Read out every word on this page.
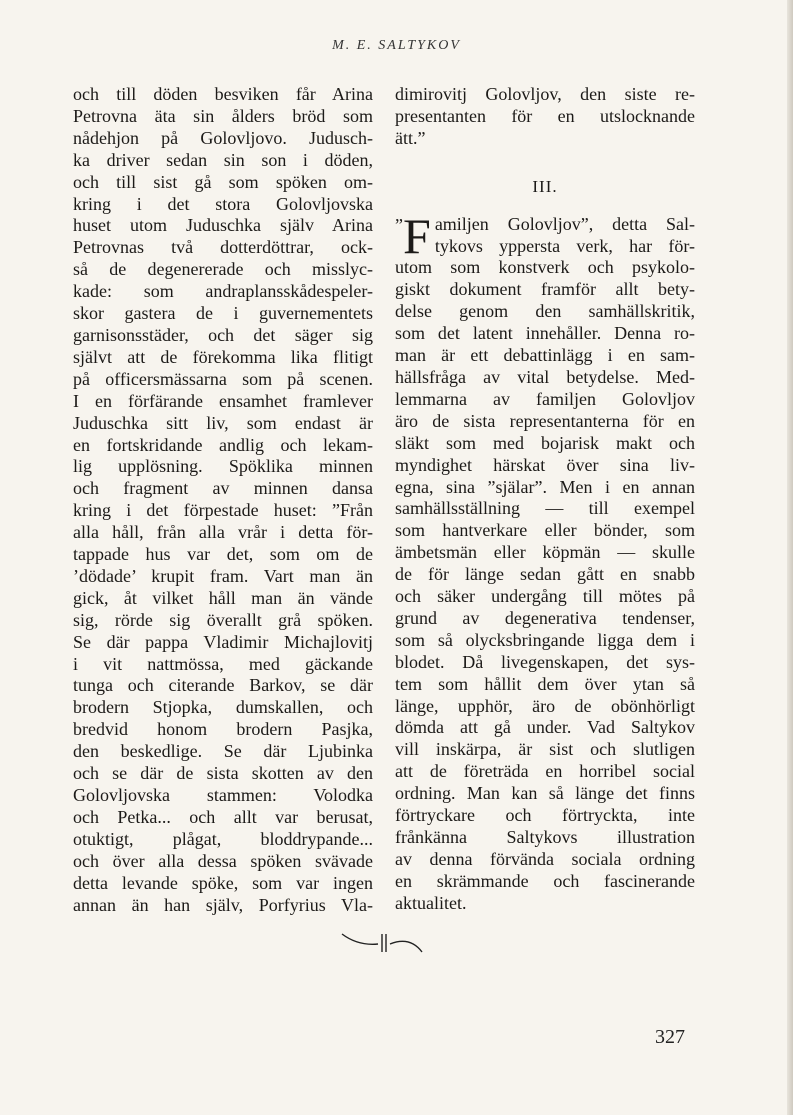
M. E. SALTYKOV
och till döden besviken får Arina
Petrovna äta sin ålders bröd som
nådehjon på Golovljovo. Judusch-
ka driver sedan sin son i döden,
och till sist gå som spöken om-
kring i det stora Golovljovska
huset utom Juduschka själv Arina
Petrovnas två dotterdöttrar, ock-
så de degenererade och misslyc-
kade: som andraplansskådespeler-
skor gastera de i guvernementets
garnisonsstäder, och det säger sig
självt att de förekomma lika flitigt
på officersmässarna som på scenen.
I en förfärande ensamhet framlever
Juduschka sitt liv, som endast är
en fortskridande andlig och lekam-
lig upplösning. Spöklika minnen
och fragment av minnen dansa
kring i det förpestade huset: ”Från
alla håll, från alla vrår i detta för-
tappade hus var det, som om de
’dödade’ krupit fram. Vart man än
gick, åt vilket håll man än vände
sig, rörde sig överallt grå spöken.
Se där pappa Vladimir Michajlovitj
i vit nattmössa, med gäckande
tunga och citerande Barkov, se där
brodern Stjopka, dumskallen, och
bredvid honom brodern Pasjka,
den beskedlige. Se där Ljubinka
och se där de sista skotten av den
Golovljovska stammen: Volodka
och Petka... och allt var berusat,
otuktigt, plågat, bloddrypande...
och över alla dessa spöken svävade
detta levande spöke, som var ingen
annan än han själv, Porfyrius Vla-
dimirovitj Golovljov, den siste re-
presentanten för en utslocknande
ätt.”
III.
” F amiljen Golovljov”, detta Sal-
tykovs yppersta verk, har för-
utom som konstverk och psykolo-
giskt dokument framför allt bety-
delse genom den samhällskritik,
som det latent innehåller. Denna ro-
man är ett debattinlägg i en sam-
hällsfråga av vital betydelse. Med-
lemmarna av familjen Golovljov
äro de sista representanterna för en
släkt som med bojarisk makt och
myndighet härskat över sina liv-
egna, sina ”själar”. Men i en annan
samhällsställning — till exempel
som hantverkare eller bönder, som
ämbetsmän eller köpmän — skulle
de för länge sedan gått en snabb
och säker undergång till mötes på
grund av degenerativa tendenser,
som så olycksbringande ligga dem i
blodet. Då livegenskapen, det sys-
tem som hållit dem över ytan så
länge, upphör, äro de obönhörligt
dömda att gå under. Vad Saltykov
vill inskärpa, är sist och slutligen
att de företräda en horribel social
ordning. Man kan så länge det finns
förtryckare och förtryckta, inte
frånkänna Saltykovs illustration
av denna förvända sociala ordning
en skrämmande och fascinerande
aktualitet.
327
